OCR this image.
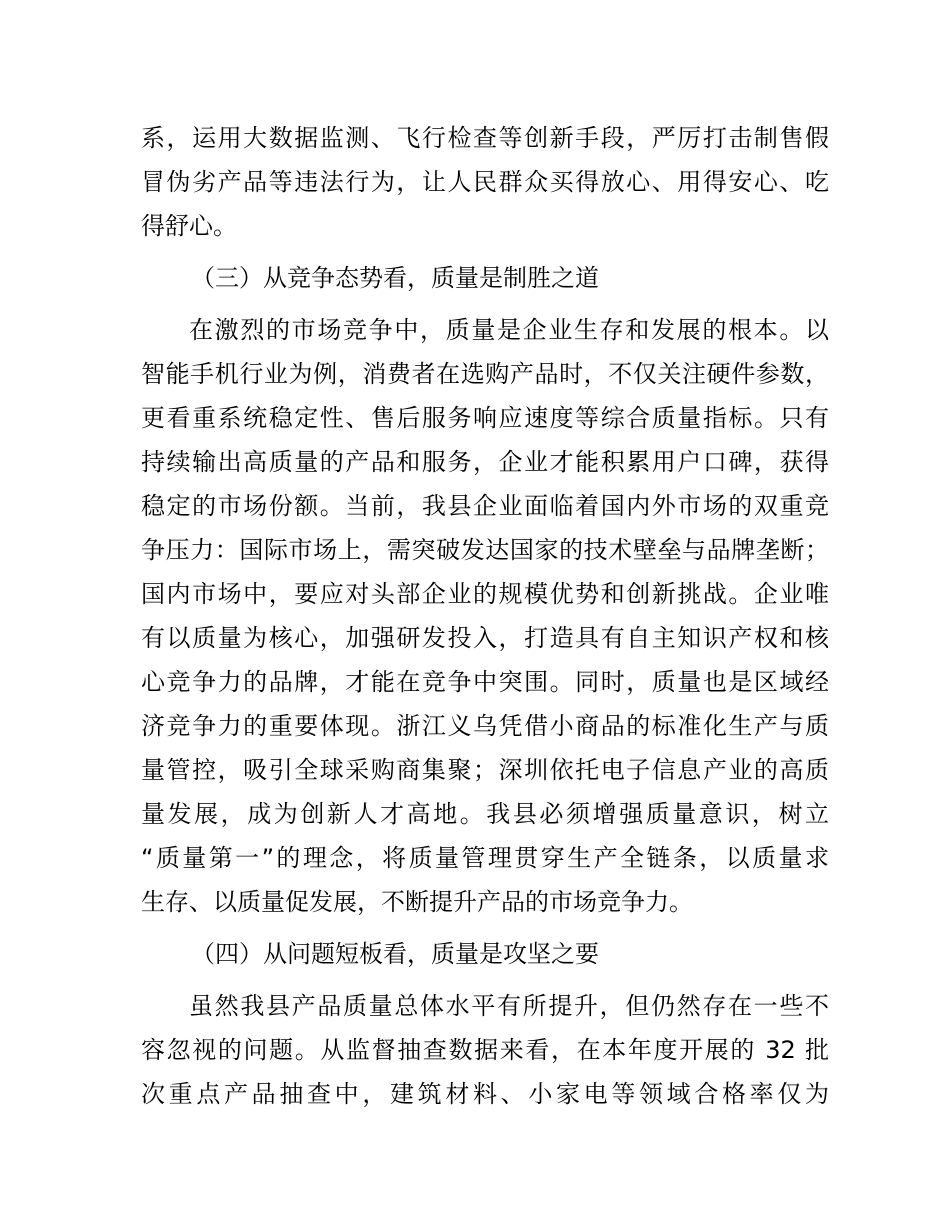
系，运用大数据监测、飞行检查等创新手段，严厉打击制售假
冒伪劣产品等违法行为，让人民群众买得放心、用得安心、吃
得舒心。
（三）从竞争态势看，质量是制胜之道
在激烈的市场竞争中，质量是企业生存和发展的根本。以
智能手机行业为例，消费者在选购产品时，不仅关注硬件参数，
更看重系统稳定性、售后服务响应速度等综合质量指标。只有
持续输出高质量的产品和服务，企业才能积累用户口碑，获得
稳定的市场份额。当前，我县企业面临着国内外市场的双重竞
争压力：国际市场上，需突破发达国家的技术壁垒与品牌垄断；
国内市场中，要应对头部企业的规模优势和创新挑战。企业唯
有以质量为核心，加强研发投入，打造具有自主知识产权和核
心竞争力的品牌，才能在竞争中突围。同时，质量也是区域经
济竞争力的重要体现。浙江义乌凭借小商品的标准化生产与质
量管控，吸引全球采购商集聚；深圳依托电子信息产业的高质
量发展，成为创新人才高地。我县必须增强质量意识，树立
“质量第一”的理念，将质量管理贯穿生产全链条，以质量求
生存、以质量促发展，不断提升产品的市场竞争力。
（四）从问题短板看，质量是攻坚之要
虽然我县产品质量总体水平有所提升，但仍然存在一些不
容忽视的问题。从监督抽查数据来看，在本年度开展的 32 批
次重点产品抽查中，建筑材料、小家电等领域合格率仅为
